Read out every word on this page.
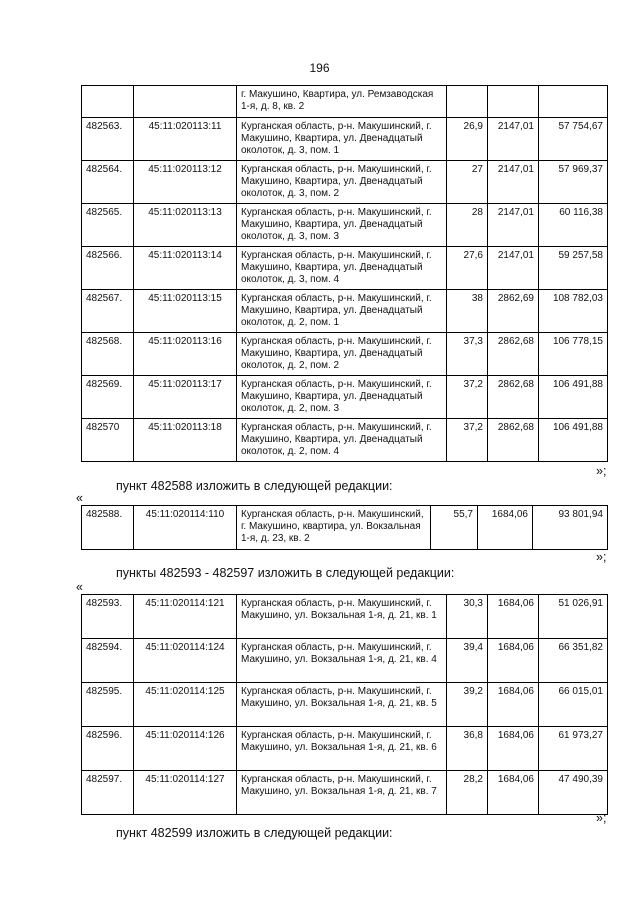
196
		г. Макушино, Квартира, ул. Ремзаводская 1-я, д. 8, кв. 2			
482563.	45:11:020113:11	Курганская область, р-н. Макушинский, г. Макушино, Квартира, ул. Двенадцатый околоток, д. 3, пом. 1	26,9	2147,01	57 754,67
482564.	45:11:020113:12	Курганская область, р-н. Макушинский, г. Макушино, Квартира, ул. Двенадцатый околоток, д. 3, пом. 2	27	2147,01	57 969,37
482565.	45:11:020113:13	Курганская область, р-н. Макушинский, г. Макушино, Квартира, ул. Двенадцатый околоток, д. 3, пом. 3	28	2147,01	60 116,38
482566.	45:11:020113:14	Курганская область, р-н. Макушинский, г. Макушино, Квартира, ул. Двенадцатый околоток, д. 3, пом. 4	27,6	2147,01	59 257,58
482567.	45:11:020113:15	Курганская область, р-н. Макушинский, г. Макушино, Квартира, ул. Двенадцатый околоток, д. 2, пом. 1	38	2862,69	108 782,03
482568.	45:11:020113:16	Курганская область, р-н. Макушинский, г. Макушино, Квартира, ул. Двенадцатый околоток, д. 2, пом. 2	37,3	2862,68	106 778,15
482569.	45:11:020113:17	Курганская область, р-н. Макушинский, г. Макушино, Квартира, ул. Двенадцатый околоток, д. 2, пом. 3	37,2	2862,68	106 491,88
482570	45:11:020113:18	Курганская область, р-н. Макушинский, г. Макушино, Квартира, ул. Двенадцатый околоток, д. 2, пом. 4	37,2	2862,68	106 491,88
»;
пункт 482588 изложить в следующей редакции:
«
482588.	45:11:020114:110	Курганская область, р-н. Макушинский, г. Макушино, квартира, ул. Вокзальная 1-я, д. 23, кв. 2	55,7	1684,06	93 801,94
»;
пункты 482593 - 482597 изложить в следующей редакции:
«
482593.	45:11:020114:121	Курганская область, р-н. Макушинский, г. Макушино, ул. Вокзальная 1-я, д. 21, кв. 1	30,3	1684,06	51 026,91
482594.	45:11:020114:124	Курганская область, р-н. Макушинский, г. Макушино, ул. Вокзальная 1-я, д. 21, кв. 4	39,4	1684,06	66 351,82
482595.	45:11:020114:125	Курганская область, р-н. Макушинский, г. Макушино, ул. Вокзальная 1-я, д. 21, кв. 5	39,2	1684,06	66 015,01
482596.	45:11:020114:126	Курганская область, р-н. Макушинский, г. Макушино, ул. Вокзальная 1-я, д. 21, кв. 6	36,8	1684,06	61 973,27
482597.	45:11:020114:127	Курганская область, р-н. Макушинский, г. Макушино, ул. Вокзальная 1-я, д. 21, кв. 7	28,2	1684,06	47 490,39
»;
пункт 482599 изложить в следующей редакции:
